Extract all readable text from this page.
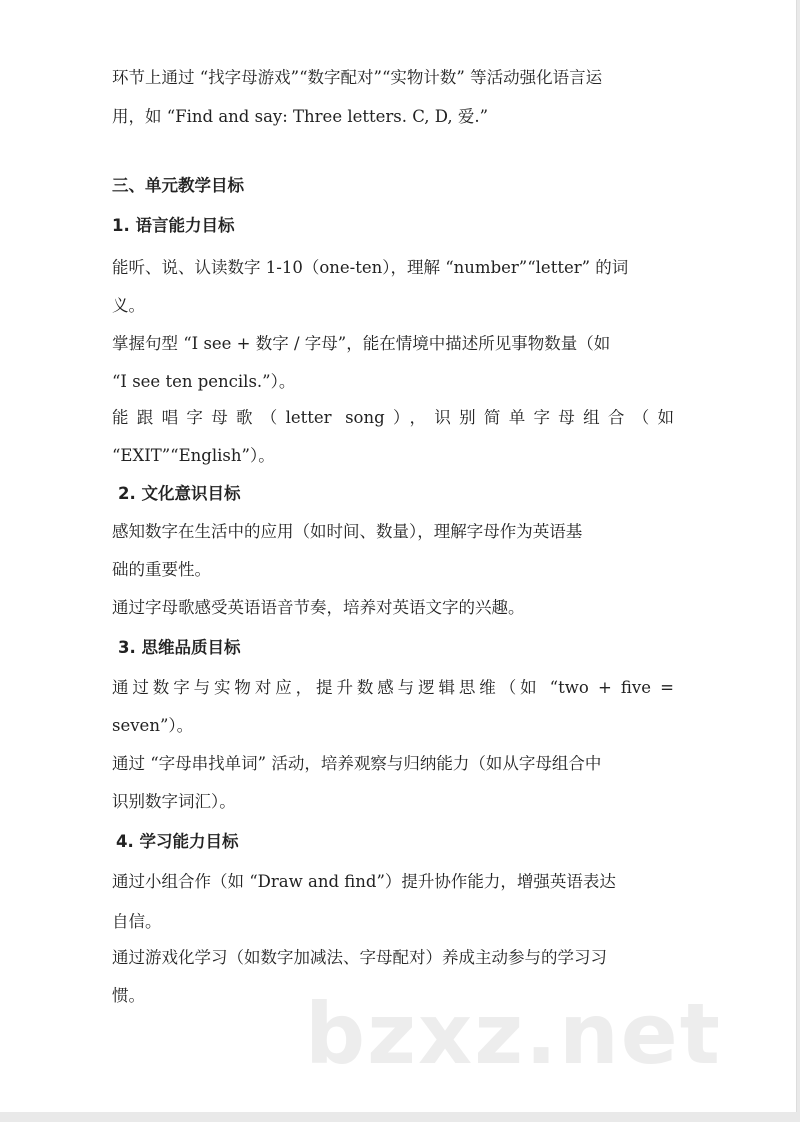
环节上通过 “找字母游戏”“数字配对”“实物计数” 等活动强化语言运
用，如 “Find and say: Three letters. C, D, 爱.”
三、单元教学目标
1. 语言能力目标
能听、说、认读数字 1-10（one-ten），理解 “number”“letter” 的词
义。
掌握句型 “I see + 数字 / 字母”，能在情境中描述所见事物数量（如
“I see ten pencils.”）。
能跟唱字母歌（letter song），识别简单字母组合（如
“EXIT”“English”）。
2. 文化意识目标
感知数字在生活中的应用（如时间、数量），理解字母作为英语基
础的重要性。
通过字母歌感受英语语音节奏，培养对英语文字的兴趣。
3. 思维品质目标
通过数字与实物对应，提升数感与逻辑思维（如 “two + five =
seven”）。
通过 “字母串找单词” 活动，培养观察与归纳能力（如从字母组合中
识别数字词汇）。
4. 学习能力目标
通过小组合作（如 “Draw and find”）提升协作能力，增强英语表达
自信。
通过游戏化学习（如数字加减法、字母配对）养成主动参与的学习习
惯。 bzxz.net
